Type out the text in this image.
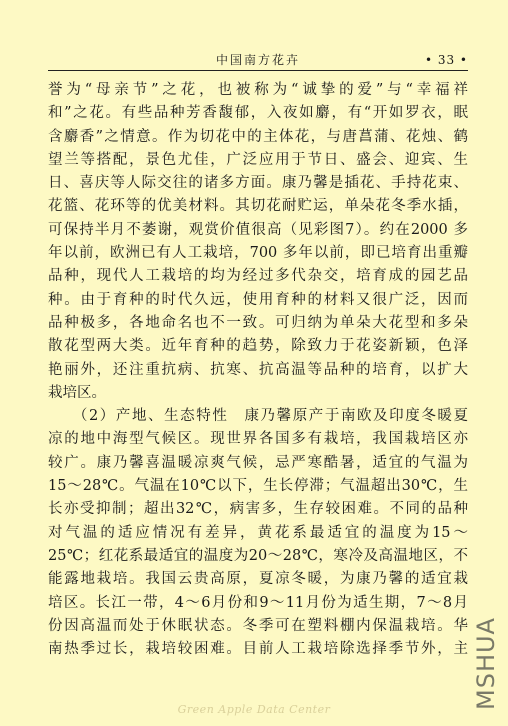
中国南方花卉	• 33 •
誉为“母亲节”之花，也被称为“诚挚的爱”与“幸福祥
和”之花。有些品种芳香馥郁，入夜如麝，有“开如罗衣，眠
含麝香”之情意。作为切花中的主体花，与唐菖蒲、花烛、鹤
望兰等搭配，景色尤佳，广泛应用于节日、盛会、迎宾、生
日、喜庆等人际交往的诸多方面。康乃馨是插花、手持花束、
花篮、花环等的优美材料。其切花耐贮运，单朵花冬季水插，
可保持半月不萎谢，观赏价值很高（见彩图7）。约在2000 多
年以前，欧洲已有人工栽培，700 多年以前，即已培育出重瓣
品种，现代人工栽培的均为经过多代杂交，培育成的园艺品
种。由于育种的时代久远，使用育种的材料又很广泛，因而
品种极多，各地命名也不一致。可归纳为单朵大花型和多朵
散花型两大类。近年育种的趋势，除致力于花姿新颖，色泽
艳丽外，还注重抗病、抗寒、抗高温等品种的培育，以扩大
栽培区。
　　（2）产地、生态特性　康乃馨原产于南欧及印度冬暖夏
凉的地中海型气候区。现世界各国多有栽培，我国栽培区亦
较广。康乃馨喜温暖凉爽气候，忌严寒酷暑，适宜的气温为
15～28℃。气温在10℃以下，生长停滞；气温超出30℃，生
长亦受抑制；超出32℃，病害多，生存较困难。不同的品种
对气温的适应情况有差异，黄花系最适宜的温度为15～
25℃；红花系最适宜的温度为20～28℃，寒冷及高温地区，不
能露地栽培。我国云贵高原，夏凉冬暖，为康乃馨的适宜栽
培区。长江一带，4～6月份和9～11月份为适生期，7～8月
份因高温而处于休眠状态。冬季可在塑料棚内保温栽培。华
南热季过长，栽培较困难。目前人工栽培除选择季节外，主 MSHUA
Green Apple Data Center
